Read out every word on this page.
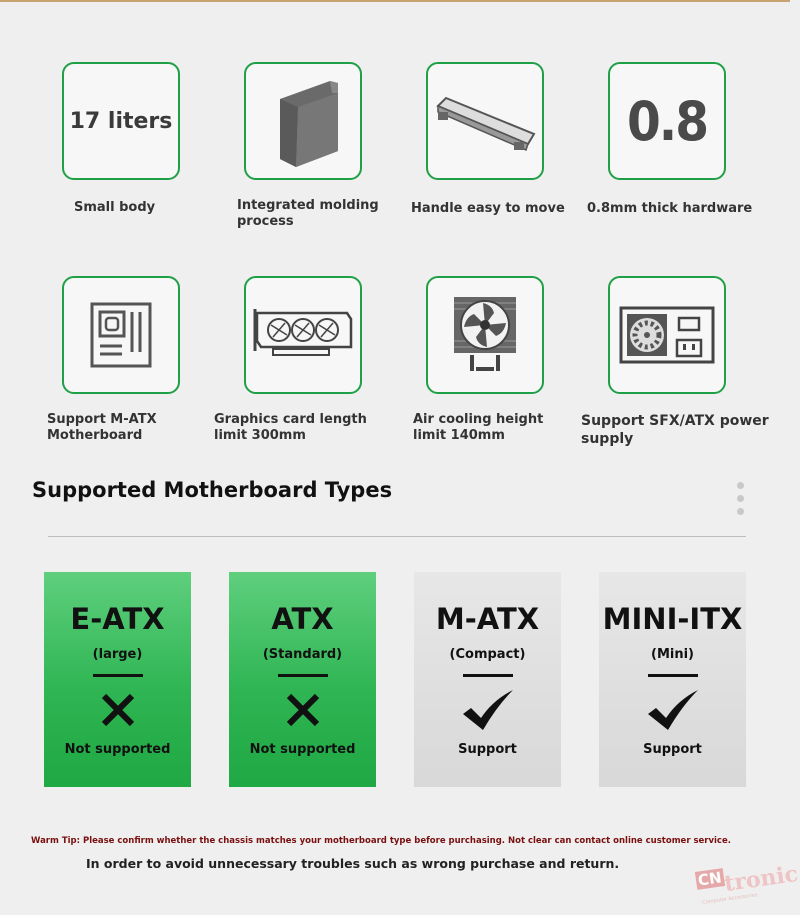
17 liters
Small body	Integrated molding process
Handle easy to move
0.8
0.8mm thick hardware
Support M-ATX Motherboard
Graphics card length limit 300mm
Air cooling height limit 140mm
Support SFX/ATX power supply
Supported Motherboard Types
E-ATX
(large)
Not supported
ATX
(Standard)
Not supported
M-ATX
(Compact)
Support
MINI-ITX
(Mini)
Support
Warm Tip: Please confirm whether the chassis matches your motherboard type before purchasing. Not clear can contact online customer service.
In order to avoid unnecessary troubles such as wrong purchase and return.
CN tronic
Computer Accessories
